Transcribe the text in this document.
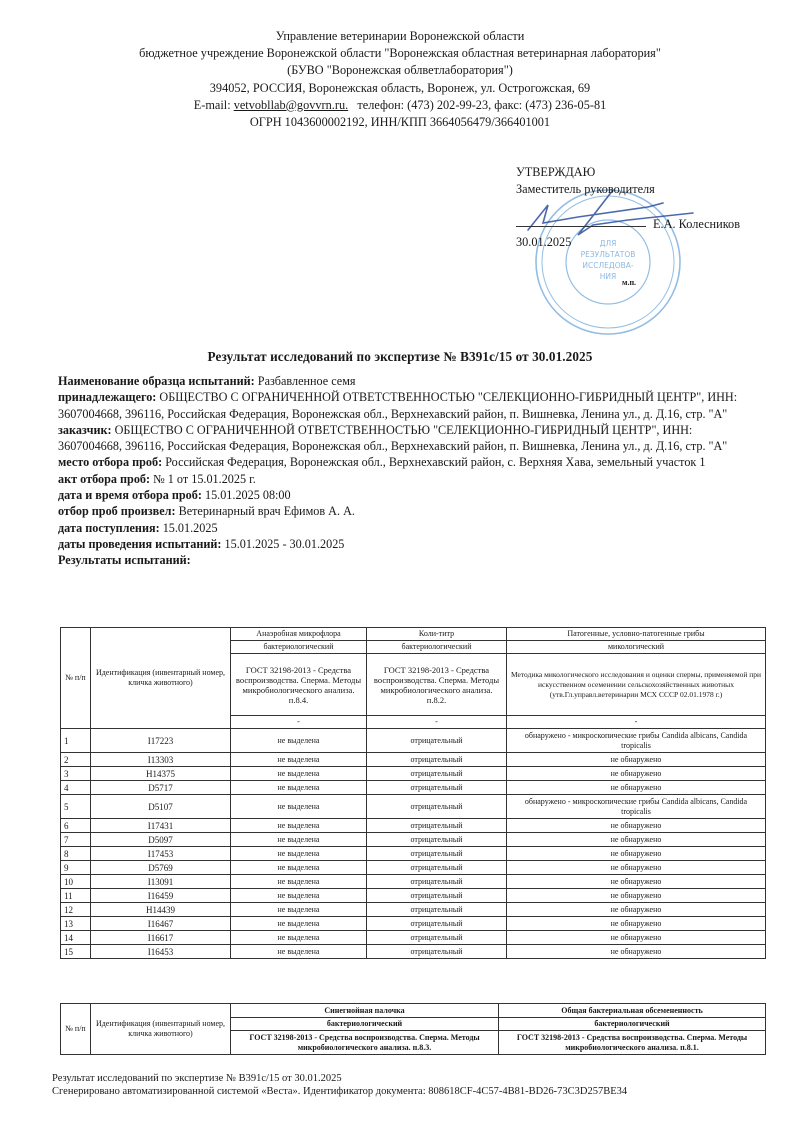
Управление ветеринарии Воронежской области
бюджетное учреждение Воронежской области "Воронежская областная ветеринарная лаборатория"
(БУВО "Воронежская облветлаборатория")
394052, РОССИЯ, Воронежская область, Воронеж, ул. Острогожская, 69
E-mail: vetvobllab@govvrn.ru. телефон: (473) 202-99-23, факс: (473) 236-05-81
ОГРН 1043600002192, ИНН/КПП 3664056479/366401001
ДЛЯ
РЕЗУЛЬТАТОВ
ИССЛЕДОВА-
НИЯ
УТВЕРЖДАЮ
Заместитель руководителя
Е.А. Колесников
30.01.2025
м.п.
Результат исследований по экспертизе № В391с/15 от 30.01.2025
Наименование образца испытаний: Разбавленное семя
принадлежащего: ОБЩЕСТВО С ОГРАНИЧЕННОЙ ОТВЕТСТВЕННОСТЬЮ "СЕЛЕКЦИОННО-ГИБРИДНЫЙ ЦЕНТР", ИНН: 3607004668, 396116, Российская Федерация, Воронежская обл., Верхнехавский район, п. Вишневка, Ленина ул., д. Д.16, стр. "А"
заказчик: ОБЩЕСТВО С ОГРАНИЧЕННОЙ ОТВЕТСТВЕННОСТЬЮ "СЕЛЕКЦИОННО-ГИБРИДНЫЙ ЦЕНТР", ИНН: 3607004668, 396116, Российская Федерация, Воронежская обл., Верхнехавский район, п. Вишневка, Ленина ул., д. Д.16, стр. "А"
место отбора проб: Российская Федерация, Воронежская обл., Верхнехавский район, с. Верхняя Хава, земельный участок 1
акт отбора проб: № 1 от 15.01.2025 г.
дата и время отбора проб: 15.01.2025 08:00
отбор проб произвел: Ветеринарный врач Ефимов А. А.
дата поступления: 15.01.2025
даты проведения испытаний: 15.01.2025 - 30.01.2025
Результаты испытаний:
№ п/п	Идентификация (инвентарный номер, кличка животного)	Анаэробная микрофлора	Коли-титр	Патогенные, условно-патогенные грибы
		бактериологический	бактериологический	микологический
		ГОСТ 32198-2013 - Средства воспроизводства. Сперма. Методы микробиологического анализа. п.8.4.	ГОСТ 32198-2013 - Средства воспроизводства. Сперма. Методы микробиологического анализа. п.8.2.	Методика микологического исследования и оценки спермы, применяемой при искусственном осеменении сельскохозяйственных животных (утв.Гл.управл.ветеринарии МСХ СССР 02.01.1978 г.)
		-	-	-
1	I17223	не выделена	отрицательный	обнаружено - микроскопические грибы Candida albicans, Candida tropicalis
2	I13303	не выделена	отрицательный	не обнаружено
3	H14375	не выделена	отрицательный	не обнаружено
4	D5717	не выделена	отрицательный	не обнаружено
5	D5107	не выделена	отрицательный	обнаружено - микроскопические грибы Candida albicans, Candida tropicalis
6	I17431	не выделена	отрицательный	не обнаружено
7	D5097	не выделена	отрицательный	не обнаружено
8	I17453	не выделена	отрицательный	не обнаружено
9	D5769	не выделена	отрицательный	не обнаружено
10	I13091	не выделена	отрицательный	не обнаружено
11	I16459	не выделена	отрицательный	не обнаружено
12	H14439	не выделена	отрицательный	не обнаружено
13	I16467	не выделена	отрицательный	не обнаружено
14	I16617	не выделена	отрицательный	не обнаружено
15	I16453	не выделена	отрицательный	не обнаружено
№ п/п	Идентификация (инвентарный номер, кличка животного)	Синегнойная палочка	Общая бактериальная обсемененность
		бактериологический	бактериологический
		ГОСТ 32198-2013 - Средства воспроизводства. Сперма. Методы микробиологического анализа. п.8.3.	ГОСТ 32198-2013 - Средства воспроизводства. Сперма. Методы микробиологического анализа. п.8.1.
Результат исследований по экспертизе № В391с/15 от 30.01.2025
Сгенерировано автоматизированной системой «Веста». Идентификатор документа: 808618CF-4C57-4B81-BD26-73C3D257BE34
